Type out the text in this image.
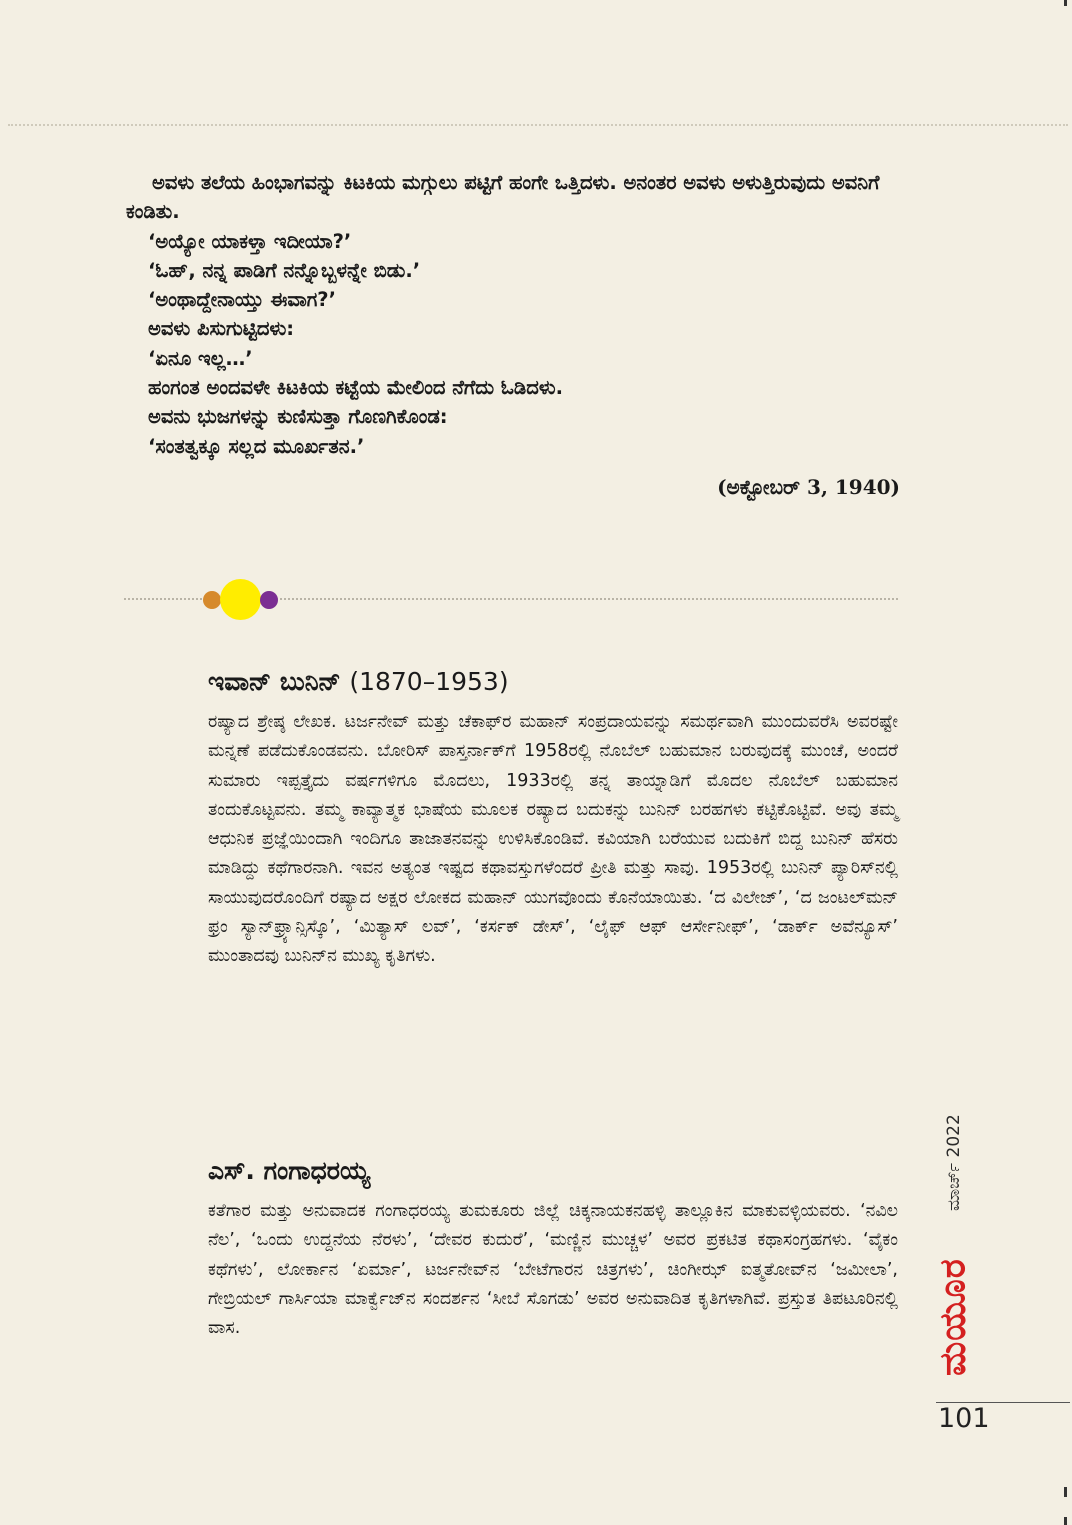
ಅವಳು ತಲೆಯ ಹಿಂಭಾಗವನ್ನು ಕಿಟಕಿಯ ಮಗ್ಗುಲು ಪಟ್ಟಿಗೆ ಹಂಗೇ ಒತ್ತಿದಳು. ಅನಂತರ ಅವಳು ಅಳುತ್ತಿರುವುದು ಅವನಿಗೆ ಕಂಡಿತು.

‘ಅಯ್ಯೋ ಯಾಕಳ್ತಾ ಇದೀಯಾ?’

‘ಓಹ್, ನನ್ನ ಪಾಡಿಗೆ ನನ್ನೊಬ್ಬಳನ್ನೇ ಬಿಡು.’

‘ಅಂಥಾದ್ದೇನಾಯ್ತು ಈವಾಗ?’

ಅವಳು ಪಿಸುಗುಟ್ಟಿದಳು:

‘ಏನೂ ಇಲ್ಲ…’

ಹಂಗಂತ ಅಂದವಳೇ ಕಿಟಕಿಯ ಕಟ್ಟೆಯ ಮೇಲಿಂದ ನೆಗೆದು ಓಡಿದಳು.

ಅವನು ಭುಜಗಳನ್ನು ಕುಣಿಸುತ್ತಾ ಗೊಣಗಿಕೊಂಡ:

‘ಸಂತತ್ವಕ್ಕೂ ಸಲ್ಲದ ಮೂರ್ಖತನ.’

(ಅಕ್ಟೋಬರ್ 3, 1940)

ಇವಾನ್ ಬುನಿನ್ (1870–1953)

ರಷ್ಯಾದ ಶ್ರೇಷ್ಠ ಲೇಖಕ. ಟರ್ಜನೇವ್ ಮತ್ತು ಚೆಕಾಫ್‌ರ ಮಹಾನ್ ಸಂಪ್ರದಾಯವನ್ನು ಸಮರ್ಥವಾಗಿ ಮುಂದುವರೆಸಿ ಅವರಷ್ಟೇ ಮನ್ನಣೆ ಪಡೆದುಕೊಂಡವನು. ಬೋರಿಸ್ ಪಾಸ್ತರ್ನಾಕ್‌ಗೆ 1958ರಲ್ಲಿ ನೊಬೆಲ್ ಬಹುಮಾನ ಬರುವುದಕ್ಕೆ ಮುಂಚೆ, ಅಂದರೆ ಸುಮಾರು ಇಪ್ಪತ್ತೈದು ವರ್ಷಗಳಿಗೂ ಮೊದಲು, 1933ರಲ್ಲಿ ತನ್ನ ತಾಯ್ನಾಡಿಗೆ ಮೊದಲ ನೊಬೆಲ್ ಬಹುಮಾನ ತಂದುಕೊಟ್ಟವನು. ತಮ್ಮ ಕಾವ್ಯಾತ್ಮಕ ಭಾಷೆಯ ಮೂಲಕ ರಷ್ಯಾದ ಬದುಕನ್ನು ಬುನಿನ್ ಬರಹಗಳು ಕಟ್ಟಿಕೊಟ್ಟಿವೆ. ಅವು ತಮ್ಮ ಆಧುನಿಕ ಪ್ರಜ್ಞೆಯಿಂದಾಗಿ ಇಂದಿಗೂ ತಾಜಾತನವನ್ನು ಉಳಿಸಿಕೊಂಡಿವೆ. ಕವಿಯಾಗಿ ಬರೆಯುವ ಬದುಕಿಗೆ ಬಿದ್ದ ಬುನಿನ್ ಹೆಸರು ಮಾಡಿದ್ದು ಕಥೆಗಾರನಾಗಿ. ಇವನ ಅತ್ಯಂತ ಇಷ್ಟದ ಕಥಾವಸ್ತುಗಳೆಂದರೆ ಪ್ರೀತಿ ಮತ್ತು ಸಾವು. 1953ರಲ್ಲಿ ಬುನಿನ್ ಪ್ಯಾರಿಸ್‌ನಲ್ಲಿ ಸಾಯುವುದರೊಂದಿಗೆ ರಷ್ಯಾದ ಅಕ್ಷರ ಲೋಕದ ಮಹಾನ್ ಯುಗವೊಂದು ಕೊನೆಯಾಯಿತು. ‘ದ ವಿಲೇಜ್’, ‘ದ ಜಂಟಲ್‌ಮನ್ ಫ್ರಂ ಸ್ಯಾನ್‌ಫ್ರ್ಯಾನ್ಸಿಸ್ಕೊ’, ‘ಮಿತ್ಯಾಸ್ ಲವ್’, ‘ಕರ್ಸಕ್ ಡೇಸ್’, ‘ಲೈಫ್ ಆಫ್ ಆರ್ಸೇನೀಫ್’, ‘ಡಾರ್ಕ್ ಅವೆನ್ಯೂಸ್’ ಮುಂತಾದವು ಬುನಿನ್‌ನ ಮುಖ್ಯ ಕೃತಿಗಳು.

ಎಸ್. ಗಂಗಾಧರಯ್ಯ

ಕತೆಗಾರ ಮತ್ತು ಅನುವಾದಕ ಗಂಗಾಧರಯ್ಯ ತುಮಕೂರು ಜಿಲ್ಲೆ ಚಿಕ್ಕನಾಯಕನಹಳ್ಳಿ ತಾಲ್ಲೂಕಿನ ಮಾಕುವಳ್ಳಿಯವರು. ‘ನವಿಲ ನೆಲ’, ‘ಒಂದು ಉದ್ದನೆಯ ನೆರಳು’, ‘ದೇವರ ಕುದುರೆ’, ‘ಮಣ್ಣಿನ ಮುಚ್ಚಳ’ ಅವರ ಪ್ರಕಟಿತ ಕಥಾಸಂಗ್ರಹಗಳು. ‘ವೈಕಂ ಕಥೆಗಳು’, ಲೋರ್ಕಾನ ‘ಏರ್ಮಾ’, ಟರ್ಜನೇವ್‌ನ ‘ಬೇಟೆಗಾರನ ಚಿತ್ರಗಳು’, ಚಿಂಗೀಝ್ ಐತ್ಮತೋವ್‌ನ ‘ಜಮೀಲಾ’, ಗೇಬ್ರಿಯಲ್ ಗಾರ್ಸಿಯಾ ಮಾರ್ಕ್ವೆಜ್‌ನ ಸಂದರ್ಶನ ‘ಸೀಬೆ ಸೊಗಡು’ ಅವರ ಅನುವಾದಿತ ಕೃತಿಗಳಾಗಿವೆ. ಪ್ರಸ್ತುತ ತಿಪಟೂರಿನಲ್ಲಿ ವಾಸ.

ಮಾರ್ಚ್ 2022
ಮಯೂರ
101
